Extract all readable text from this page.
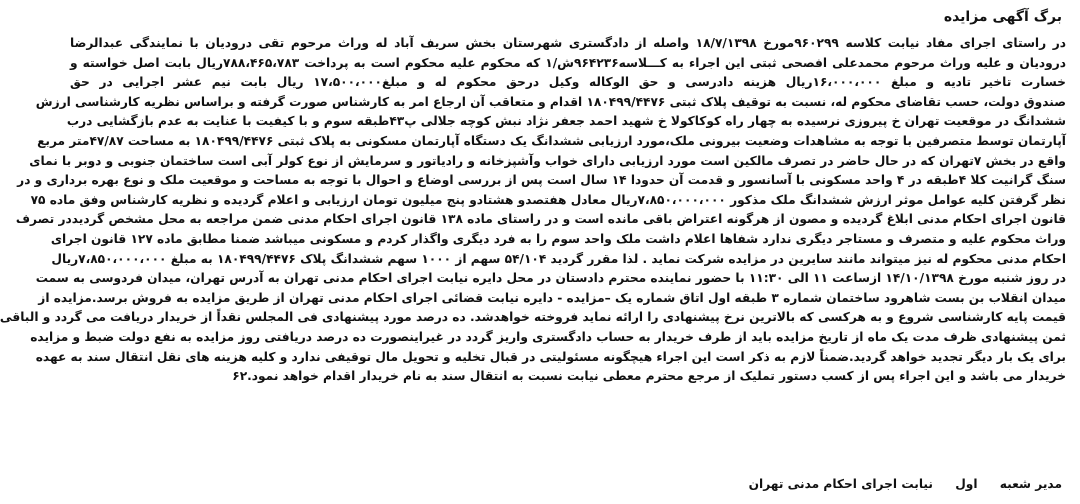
برگ آگهی مزایده
در راستای اجرای مفاد نیابت کلاسه ۹۶۰۲۹۹مورخ ۱۸/۷/۱۳۹۸ واصله از دادگستری شهرستان بخش سریف آباد له وراث مرحوم تقی درودیان با نمایندگی عبدالرضا
درودیان و علیه وراث مرحوم محمدعلی افصحی ثبتی این اجراء به کـــلاسه۹۶۴۲۳۶ش/۱ که محکوم علیه محکوم است به پرداخت ۷۸۸،۴۶۵،۷۸۳ریال بابت اصل خواسته و
خسارت تاخیر تادیه و مبلغ ۱۶،۰۰۰،۰۰۰ریال هزینه دادرسی و حق الوکاله وکیل درحق محکوم له و مبلغ۱۷،۵۰۰،۰۰۰ ریال بابت نیم عشر اجرایی در حق
صندوق دولت، حسب تقاضای محکوم له، نسبت به توقیف پلاک ثبتی ۱۸۰۴۹۹/۴۴۷۶ اقدام و متعاقب آن ارجاع امر به کارشناس صورت گرفته و براساس نظریه کارشناسی ارزش
ششدانگ در موقعیت تهران خ پیروزی نرسیده به چهار راه کوکاکولا خ شهید احمد جعفر نژاد نبش کوچه جلالی پ۴۳طبقه سوم و با کیفیت با عنایت به عدم بازگشایی درب
آپارتمان توسط متصرفین با توجه به مشاهدات وضعیت بیرونی ملک،مورد ارزیابی ششدانگ یک دستگاه آپارتمان مسکونی به پلاک ثبتی ۱۸۰۴۹۹/۴۴۷۶ به مساحت ۴۷/۸۷متر مربع
واقع در بخش ۷تهران که در حال حاضر در تصرف مالکین است مورد ارزیابی دارای خواب وآشپزخانه و رادیاتور و سرمایش از نوع کولر آبی است ساختمان جنوبی و دوبر با نمای
سنگ گرانیت کلا ۴طبقه در ۴ واحد مسکونی با آسانسور و قدمت آن حدودا ۱۴ سال است پس از بررسی اوضاع و احوال با توجه به مساحت و موقعیت ملک و نوع بهره برداری و در
نظر گرفتن کلیه عوامل موثر ارزش ششدانگ ملک مذکور ۷،۸۵۰،۰۰۰،۰۰۰ریال معادل هفتصدو هشتادو پنج میلیون تومان ارزیابی و اعلام گردیده و نظریه کارشناس وفق ماده ۷۵
قانون اجرای احکام مدنی ابلاغ گردیده و مصون از هرگونه اعتراض باقی مانده است و در راستای ماده ۱۳۸ قانون اجرای احکام مدنی ضمن مراجعه به محل مشخص گردیددر تصرف
وراث محکوم علیه و متصرف و مستاجر دیگری ندارد شفاها اعلام داشت ملک واحد سوم را به فرد دیگری واگذار کردم و مسکونی میباشد ضمنا مطابق ماده ۱۲۷ قانون اجرای
احکام مدنی محکوم له نیز میتواند مانند سایرین در مزایده شرکت نماید . لذا مقرر گردید ۵۴/۱۰۴ سهم از ۱۰۰۰ سهم ششدانگ پلاک ۱۸۰۴۹۹/۴۴۷۶ به مبلغ ۷،۸۵۰،۰۰۰،۰۰۰ریال
در روز شنبه مورخ ۱۴/۱۰/۱۳۹۸ ازساعت ۱۱ الی ۱۱:۳۰ با حضور نماینده محترم دادستان در محل دایره نیابت اجرای احکام مدنی تهران به آدرس تهران، میدان فردوسی به سمت
میدان انقلاب بن بست شاهرود ساختمان شماره ۳ طبقه اول اتاق شماره یک –مزایده - دایره نیابت قضائی اجرای احکام مدنی تهران از طریق مزایده به فروش برسد.مزایده از
قیمت پایه کارشناسی شروع و به هرکسی که بالاترین نرخ پیشنهادی را ارائه نماید فروخته خواهدشد. ده درصد مورد پیشنهادی فی المجلس نقداً از خریدار دریافت می گردد و الباقی
ثمن پیشنهادی ظرف مدت یک ماه از تاریخ مزایده باید از طرف خریدار به حساب دادگستری واریز گردد در غیراینصورت ده درصد دریافتی روز مزایده به نفع دولت ضبط و مزایده
برای یک بار دیگر تجدید خواهد گردید.ضمناً لازم به ذکر است این اجراء هیچگونه مسئولیتی در قبال تخلیه و تحویل مال توقیفی ندارد و کلیه هزینه های نقل انتقال سند به عهده
خریدار می باشد و این اجراء پس از کسب دستور تملیک از مرجع محترم معطی نیابت نسبت به انتقال سند به نام خریدار اقدام خواهد نمود.۶۲
مدیر شعبه اول نیابت اجرای احکام مدنی تهران
